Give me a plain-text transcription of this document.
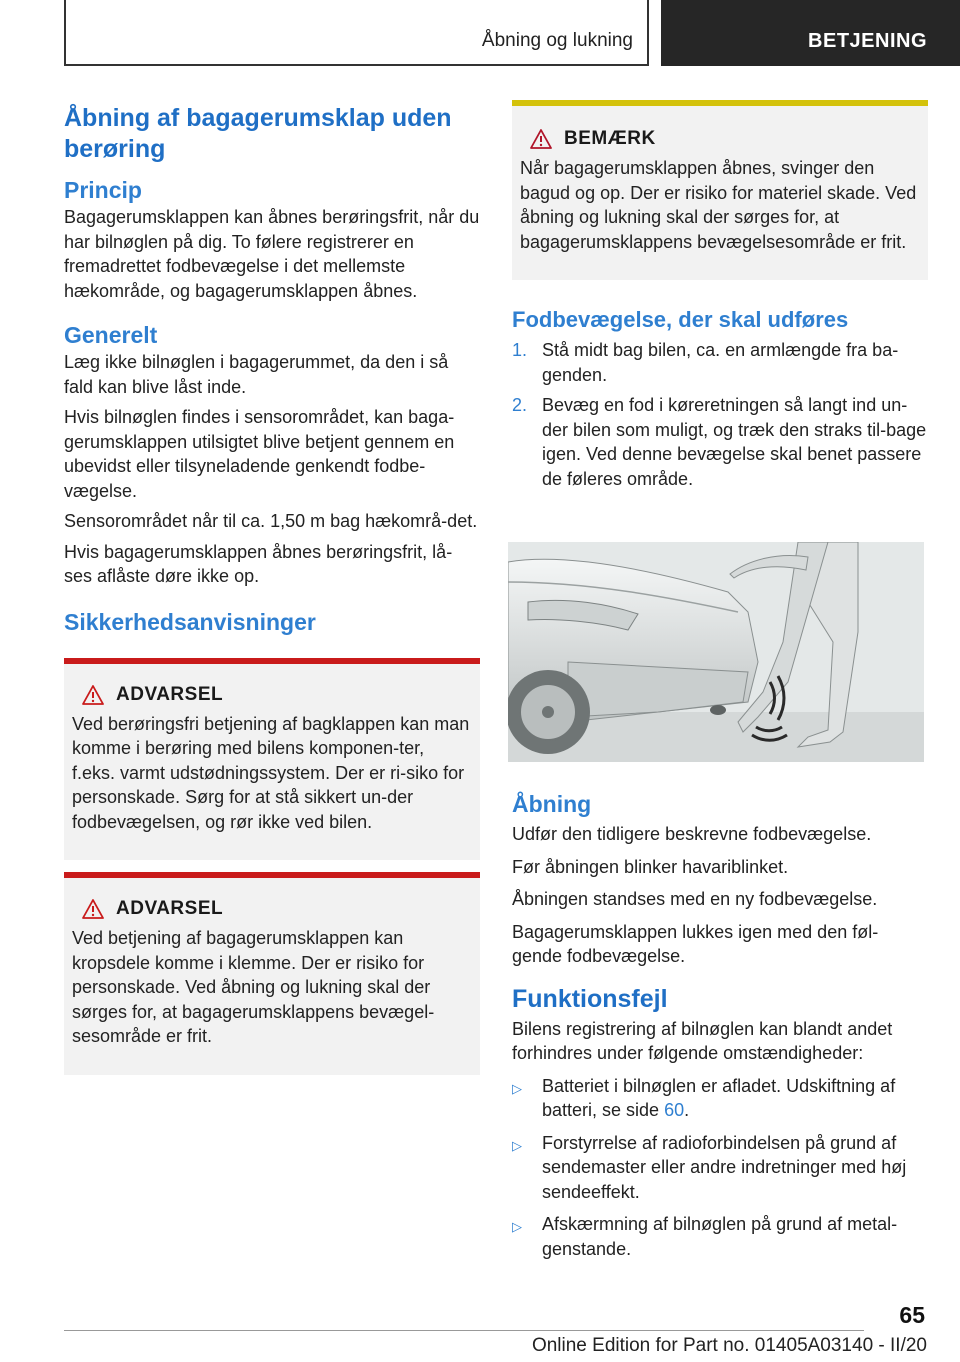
Åbning og lukning	BETJENING
Åbning af bagagerumsklap uden
berøring
Princip

Bagagerumsklappen kan åbnes berøringsfrit, når du har bilnøglen på dig. To følere registrerer en fremadrettet fodbevægelse i det mellemste hækområde, og bagagerumsklappen åbnes.

Generelt

Læg ikke bilnøglen i bagagerummet, da den i så fald kan blive låst inde.

Hvis bilnøglen findes i sensorområdet, kan baga-gerumsklappen utilsigtet blive betjent gennem en ubevidst eller tilsyneladende genkendt fodbe-vægelse.

Sensorområdet når til ca. 1,50 m bag hækområ-det.

Hvis bagagerumsklappen åbnes berøringsfrit, lå-ses aflåste døre ikke op.

Sikkerhedsanvisninger
ADVARSEL

Ved berøringsfri betjening af bagklappen kan man komme i berøring med bilens komponen-ter, f.eks. varmt udstødningssystem. Der er ri-siko for personskade. Sørg for at stå sikkert un-der fodbevægelsen, og rør ikke ved bilen.

ADVARSEL

Ved betjening af bagagerumsklappen kan kropsdele komme i klemme. Der er risiko for personskade. Ved åbning og lukning skal der sørges for, at bagagerumsklappens bevægel-sesområde er frit.

BEMÆRK

Når bagagerumsklappen åbnes, svinger den bagud og op. Der er risiko for materiel skade. Ved åbning og lukning skal der sørges for, at bagagerumsklappens bevægelsesområde er frit.

Fodbevægelse, der skal udføres
1. Stå midt bag bilen, ca. en armlængde fra ba-genden.
2. Bevæg en fod i køreretningen så langt ind un-der bilen som muligt, og træk den straks til-bage igen. Ved denne bevægelse skal benet passere de føleres område.
Åbning

Udfør den tidligere beskrevne fodbevægelse.

Før åbningen blinker havariblinket.

Åbningen standses med en ny fodbevægelse.

Bagagerumsklappen lukkes igen med den føl-gende fodbevægelse.

Funktionsfejl

Bilens registrering af bilnøglen kan blandt andet forhindres under følgende omstændigheder:

▷	Batteriet i bilnøglen er afladet. Udskiftning af batteri, se side 60.
▷	Forstyrrelse af radioforbindelsen på grund af sendemaster eller andre indretninger med høj sendeeffekt.
▷	Afskærmning af bilnøglen på grund af metal-genstande.
65
Online Edition for Part no. 01405A03140 - II/20
